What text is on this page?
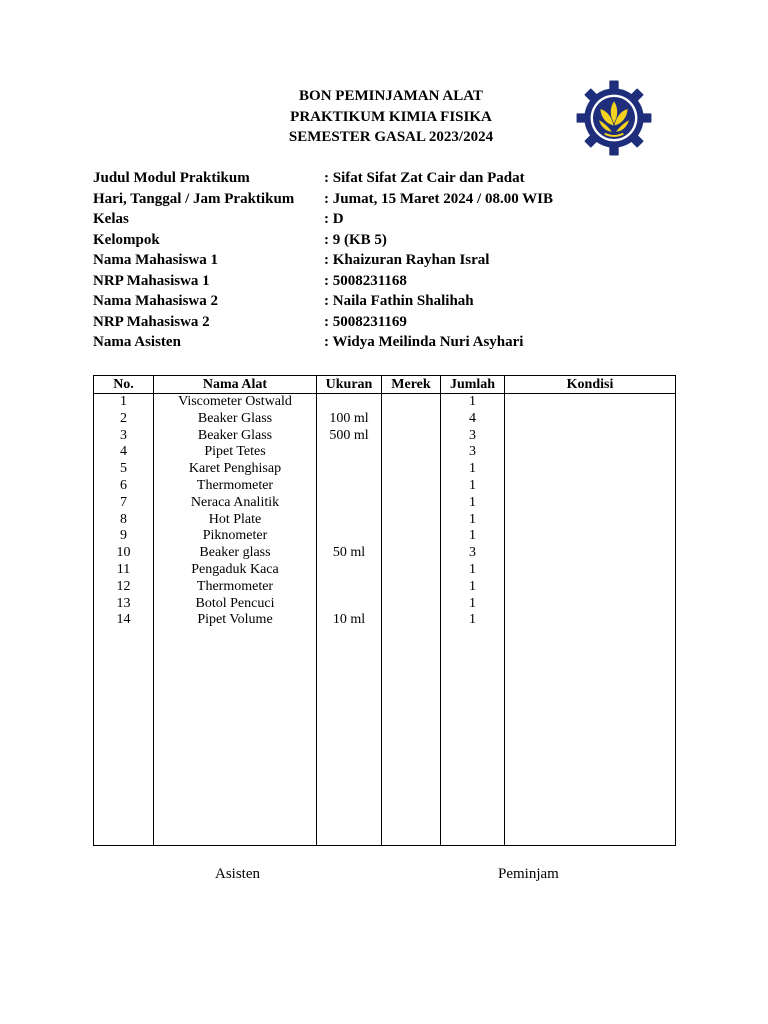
BON PEMINJAMAN ALAT
PRAKTIKUM KIMIA FISIKA
SEMESTER GASAL 2023/2024
Judul Modul Praktikum	: Sifat Sifat Zat Cair dan Padat
Hari, Tanggal / Jam Praktikum	: Jumat, 15 Maret 2024 / 08.00 WIB
Kelas	: D
Kelompok	: 9 (KB 5)
Nama Mahasiswa 1	: Khaizuran Rayhan Isral
NRP Mahasiswa 1	: 5008231168
Nama Mahasiswa 2	: Naila Fathin Shalihah
NRP Mahasiswa 2	: 5008231169
Nama Asisten	: Widya Meilinda Nuri Asyhari
No.	Nama Alat	Ukuran	Merek	Jumlah	Kondisi
1	Viscometer Ostwald			1	
2	Beaker Glass	100 ml		4	
3	Beaker Glass	500 ml		3	
4	Pipet Tetes			3	
5	Karet Penghisap			1	
6	Thermometer			1	
7	Neraca Analitik			1	
8	Hot Plate			1	
9	Piknometer			1	
10	Beaker glass	50 ml		3	
11	Pengaduk Kaca			1	
12	Thermometer			1	
13	Botol Pencuci			1	
14	Pipet Volume	10 ml		1	

Asisten	Peminjam
